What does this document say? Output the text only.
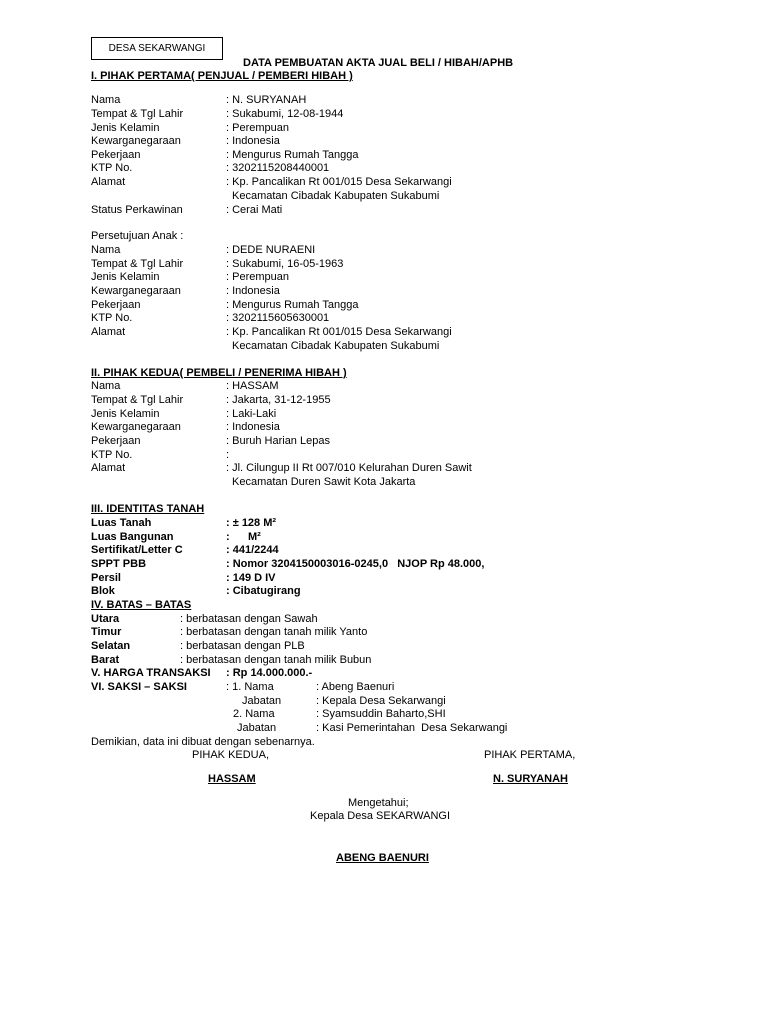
DESA SEKARWANGI
DATA PEMBUATAN AKTA JUAL BELI / HIBAH/APHB
I. PIHAK PERTAMA( PENJUAL / PEMBERI HIBAH )
Nama	: N. SURYANAH
Tempat & Tgl Lahir	: Sukabumi, 12-08-1944
Jenis Kelamin	: Perempuan
Kewarganegaraan	: Indonesia
Pekerjaan	: Mengurus Rumah Tangga
KTP No.	: 3202115208440001
Alamat	: Kp. Pancalikan Rt 001/015 Desa Sekarwangi
Kecamatan Cibadak Kabupaten Sukabumi
Status Perkawinan	: Cerai Mati
Persetujuan Anak :
Nama	: DEDE NURAENI
Tempat & Tgl Lahir	: Sukabumi, 16-05-1963
Jenis Kelamin	: Perempuan
Kewarganegaraan	: Indonesia
Pekerjaan	: Mengurus Rumah Tangga
KTP No.	: 3202115605630001
Alamat	: Kp. Pancalikan Rt 001/015 Desa Sekarwangi
Kecamatan Cibadak Kabupaten Sukabumi
II. PIHAK KEDUA( PEMBELI / PENERIMA HIBAH )
Nama	: HASSAM
Tempat & Tgl Lahir	: Jakarta, 31-12-1955
Jenis Kelamin	: Laki-Laki
Kewarganegaraan	: Indonesia
Pekerjaan	: Buruh Harian Lepas
KTP No.	:
Alamat	: Jl. Cilungup II Rt 007/010 Kelurahan Duren Sawit
Kecamatan Duren Sawit Kota Jakarta
III. IDENTITAS TANAH
Luas Tanah	: ± 128 M²
Luas Bangunan	:      M²
Sertifikat/Letter C	: 441/2244
SPPT PBB	: Nomor 3204150003016-0245,0   NJOP Rp 48.000,
Persil	: 149 D IV
Blok	: Cibatugirang
IV. BATAS – BATAS
Utara	: berbatasan dengan Sawah
Timur	: berbatasan dengan tanah milik Yanto
Selatan	: berbatasan dengan PLB
Barat	: berbatasan dengan tanah milik Bubun
V. HARGA TRANSAKSI : Rp 14.000.000.-
VI. SAKSI – SAKSI	: 1. Nama	: Abeng Baenuri
Jabatan	: Kepala Desa Sekarwangi
2. Nama	: Syamsuddin Baharto,SHI
Jabatan	: Kasi Pemerintahan  Desa Sekarwangi
Demikian, data ini dibuat dengan sebenarnya.
PIHAK KEDUA,	PIHAK PERTAMA,
HASSAM	N. SURYANAH
Mengetahui;
Kepala Desa SEKARWANGI
ABENG BAENURI
